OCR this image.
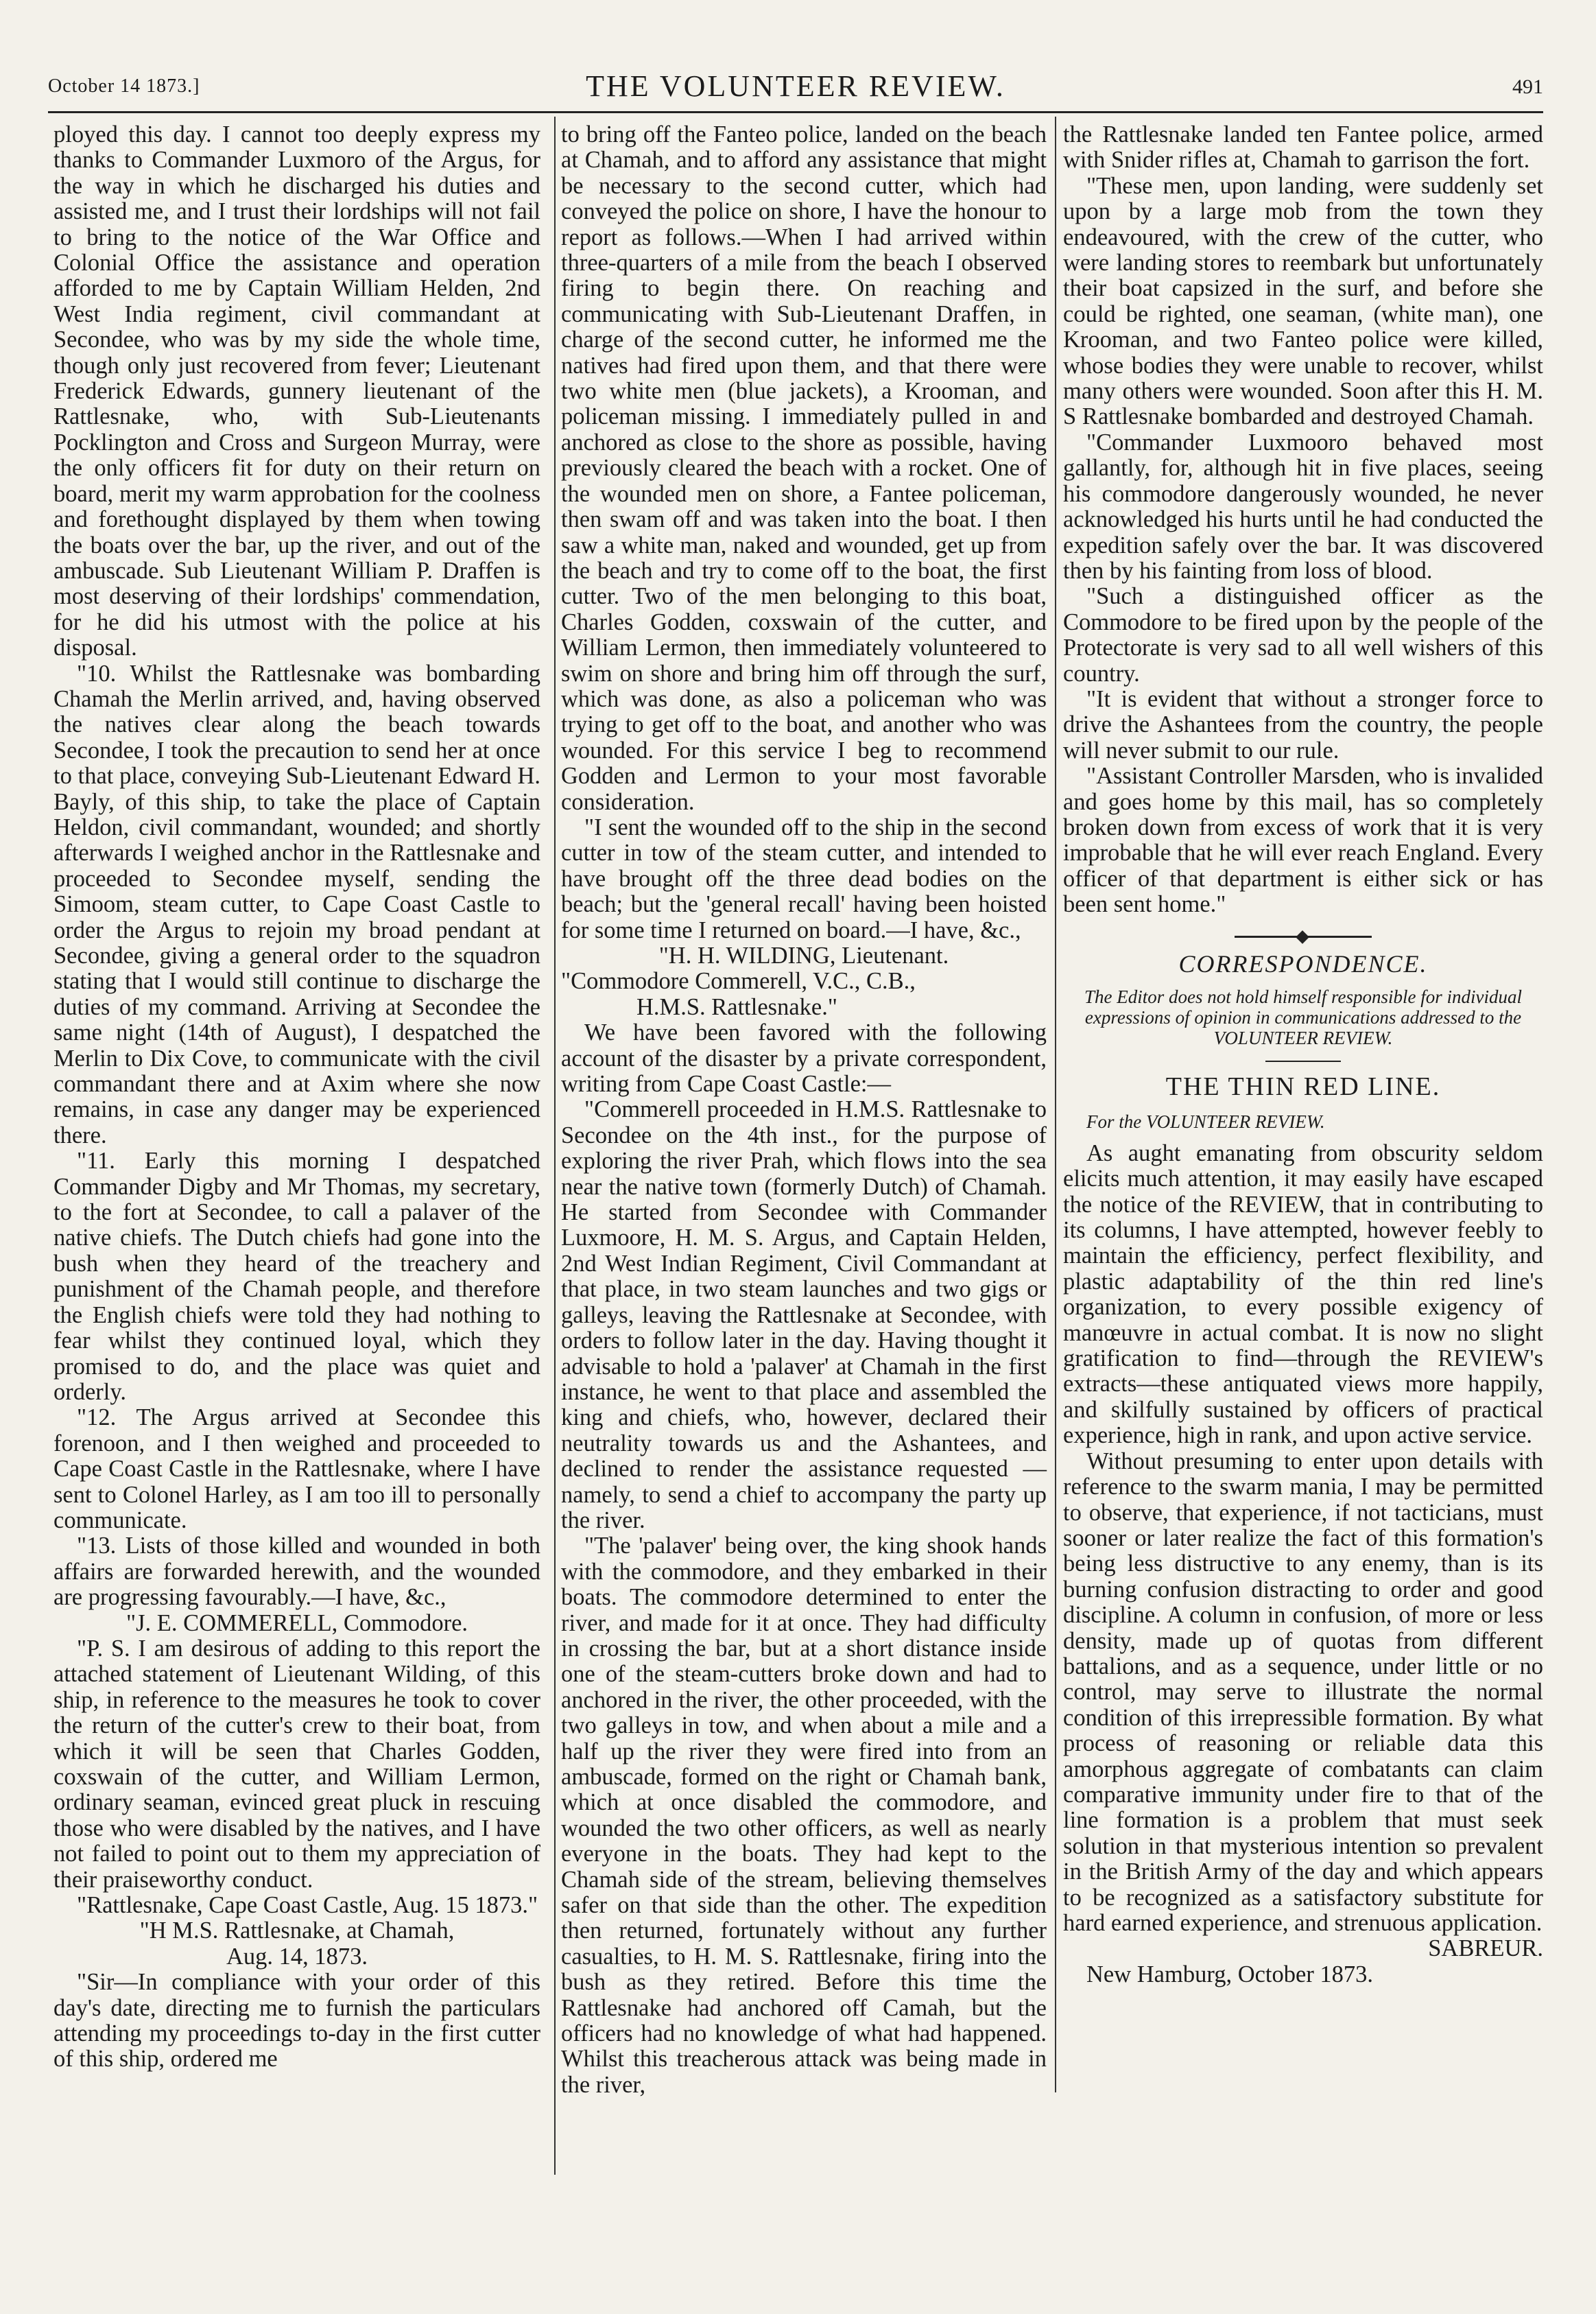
October 14 1873.]	THE VOLUNTEER REVIEW.	491

ployed this day. I cannot too deeply express my thanks to Commander Luxmoro of the Argus, for the way in which he discharged his duties and assisted me, and I trust their lordships will not fail to bring to the notice of the War Office and Colonial Office the assistance and operation afforded to me by Captain William Helden, 2nd West India regiment, civil commandant at Secondee, who was by my side the whole time, though only just recovered from fever; Lieutenant Frederick Edwards, gunnery lieutenant of the Rattlesnake, who, with Sub-Lieutenants Pocklington and Cross and Surgeon Murray, were the only officers fit for duty on their return on board, merit my warm approbation for the coolness and forethought displayed by them when towing the boats over the bar, up the river, and out of the ambuscade. Sub Lieutenant William P. Draffen is most deserving of their lordships' commendation, for he did his utmost with the police at his disposal.

"10. Whilst the Rattlesnake was bombarding Chamah the Merlin arrived, and, having observed the natives clear along the beach towards Secondee, I took the precaution to send her at once to that place, conveying Sub-Lieutenant Edward H. Bayly, of this ship, to take the place of Captain Heldon, civil commandant, wounded; and shortly afterwards I weighed anchor in the Rattlesnake and proceeded to Secondee myself, sending the Simoom, steam cutter, to Cape Coast Castle to order the Argus to rejoin my broad pendant at Secondee, giving a general order to the squadron stating that I would still continue to discharge the duties of my command. Arriving at Secondee the same night (14th of August), I despatched the Merlin to Dix Cove, to communicate with the civil commandant there and at Axim where she now remains, in case any danger may be experienced there.

"11. Early this morning I despatched Commander Digby and Mr Thomas, my secretary, to the fort at Secondee, to call a palaver of the native chiefs. The Dutch chiefs had gone into the bush when they heard of the treachery and punishment of the Chamah people, and therefore the English chiefs were told they had nothing to fear whilst they continued loyal, which they promised to do, and the place was quiet and orderly.

"12. The Argus arrived at Secondee this forenoon, and I then weighed and proceeded to Cape Coast Castle in the Rattlesnake, where I have sent to Colonel Harley, as I am too ill to personally communicate.

"13. Lists of those killed and wounded in both affairs are forwarded herewith, and the wounded are progressing favourably.—I have, &c.,

"J. E. COMMERELL, Commodore.

"P. S. I am desirous of adding to this report the attached statement of Lieutenant Wilding, of this ship, in reference to the measures he took to cover the return of the cutter's crew to their boat, from which it will be seen that Charles Godden, coxswain of the cutter, and William Lermon, ordinary seaman, evinced great pluck in rescuing those who were disabled by the natives, and I have not failed to point out to them my appreciation of their praiseworthy conduct.

"Rattlesnake, Cape Coast Castle, Aug. 15 1873."

"H M.S. Rattlesnake, at Chamah,

Aug. 14, 1873.

"Sir—In compliance with your order of this day's date, directing me to furnish the particulars attending my proceedings to-day in the first cutter of this ship, ordered me

to bring off the Fanteo police, landed on the beach at Chamah, and to afford any assistance that might be necessary to the second cutter, which had conveyed the police on shore, I have the honour to report as follows.—When I had arrived within three-quarters of a mile from the beach I observed firing to begin there. On reaching and communicating with Sub-Lieutenant Draffen, in charge of the second cutter, he informed me the natives had fired upon them, and that there were two white men (blue jackets), a Krooman, and policeman missing. I immediately pulled in and anchored as close to the shore as possible, having previously cleared the beach with a rocket. One of the wounded men on shore, a Fantee policeman, then swam off and was taken into the boat. I then saw a white man, naked and wounded, get up from the beach and try to come off to the boat, the first cutter. Two of the men belonging to this boat, Charles Godden, coxswain of the cutter, and William Lermon, then immediately volunteered to swim on shore and bring him off through the surf, which was done, as also a policeman who was trying to get off to the boat, and another who was wounded. For this service I beg to recommend Godden and Lermon to your most favorable consideration.

"I sent the wounded off to the ship in the second cutter in tow of the steam cutter, and intended to have brought off the three dead bodies on the beach; but the 'general recall' having been hoisted for some time I returned on board.—I have, &c.,

"H. H. WILDING, Lieutenant.

"Commodore Commerell, V.C., C.B.,

H.M.S. Rattlesnake."

We have been favored with the following account of the disaster by a private correspondent, writing from Cape Coast Castle:—

"Commerell proceeded in H.M.S. Rattlesnake to Secondee on the 4th inst., for the purpose of exploring the river Prah, which flows into the sea near the native town (formerly Dutch) of Chamah. He started from Secondee with Commander Luxmoore, H. M. S. Argus, and Captain Helden, 2nd West Indian Regiment, Civil Commandant at that place, in two steam launches and two gigs or galleys, leaving the Rattlesnake at Secondee, with orders to follow later in the day. Having thought it advisable to hold a 'palaver' at Chamah in the first instance, he went to that place and assembled the king and chiefs, who, however, declared their neutrality towards us and the Ashantees, and declined to render the assistance requested —namely, to send a chief to accompany the party up the river.

"The 'palaver' being over, the king shook hands with the commodore, and they embarked in their boats. The commodore determined to enter the river, and made for it at once. They had difficulty in crossing the bar, but at a short distance inside one of the steam-cutters broke down and had to anchored in the river, the other proceeded, with the two galleys in tow, and when about a mile and a half up the river they were fired into from an ambuscade, formed on the right or Chamah bank, which at once disabled the commodore, and wounded the two other officers, as well as nearly everyone in the boats. They had kept to the Chamah side of the stream, believing themselves safer on that side than the other. The expedition then returned, fortunately without any further casualties, to H. M. S. Rattlesnake, firing into the bush as they retired. Before this time the Rattlesnake had anchored off Camah, but the officers had no knowledge of what had happened. Whilst this treacherous attack was being made in the river,

the Rattlesnake landed ten Fantee police, armed with Snider rifles at, Chamah to garrison the fort.

"These men, upon landing, were suddenly set upon by a large mob from the town they endeavoured, with the crew of the cutter, who were landing stores to reembark but unfortunately their boat capsized in the surf, and before she could be righted, one seaman, (white man), one Krooman, and two Fanteo police were killed, whose bodies they were unable to recover, whilst many others were wounded. Soon after this H. M. S Rattlesnake bombarded and destroyed Chamah.

"Commander Luxmooro behaved most gallantly, for, although hit in five places, seeing his commodore dangerously wounded, he never acknowledged his hurts until he had conducted the expedition safely over the bar. It was discovered then by his fainting from loss of blood.

"Such a distinguished officer as the Commodore to be fired upon by the people of the Protectorate is very sad to all well wishers of this country.

"It is evident that without a stronger force to drive the Ashantees from the country, the people will never submit to our rule.

"Assistant Controller Marsden, who is invalided and goes home by this mail, has so completely broken down from excess of work that it is very improbable that he will ever reach England. Every officer of that department is either sick or has been sent home."

CORRESPONDENCE.
The Editor does not hold himself responsible for individual expressions of opinion in communications addressed to the VOLUNTEER REVIEW.
THE THIN RED LINE.
For the VOLUNTEER REVIEW.

As aught emanating from obscurity seldom elicits much attention, it may easily have escaped the notice of the REVIEW, that in contributing to its columns, I have attempted, however feebly to maintain the efficiency, perfect flexibility, and plastic adaptability of the thin red line's organization, to every possible exigency of manœuvre in actual combat. It is now no slight gratification to find—through the REVIEW's extracts—these antiquated views more happily, and skilfully sustained by officers of practical experience, high in rank, and upon active service.

Without presuming to enter upon details with reference to the swarm mania, I may be permitted to observe, that experience, if not tacticians, must sooner or later realize the fact of this formation's being less distructive to any enemy, than is its burning confusion distracting to order and good discipline. A column in confusion, of more or less density, made up of quotas from different battalions, and as a sequence, under little or no control, may serve to illustrate the normal condition of this irrepressible formation. By what process of reasoning or reliable data this amorphous aggregate of combatants can claim comparative immunity under fire to that of the line formation is a problem that must seek solution in that mysterious intention so prevalent in the British Army of the day and which appears to be recognized as a satisfactory substitute for hard earned experience, and strenuous application.

SABREUR.

New Hamburg, October 1873.
